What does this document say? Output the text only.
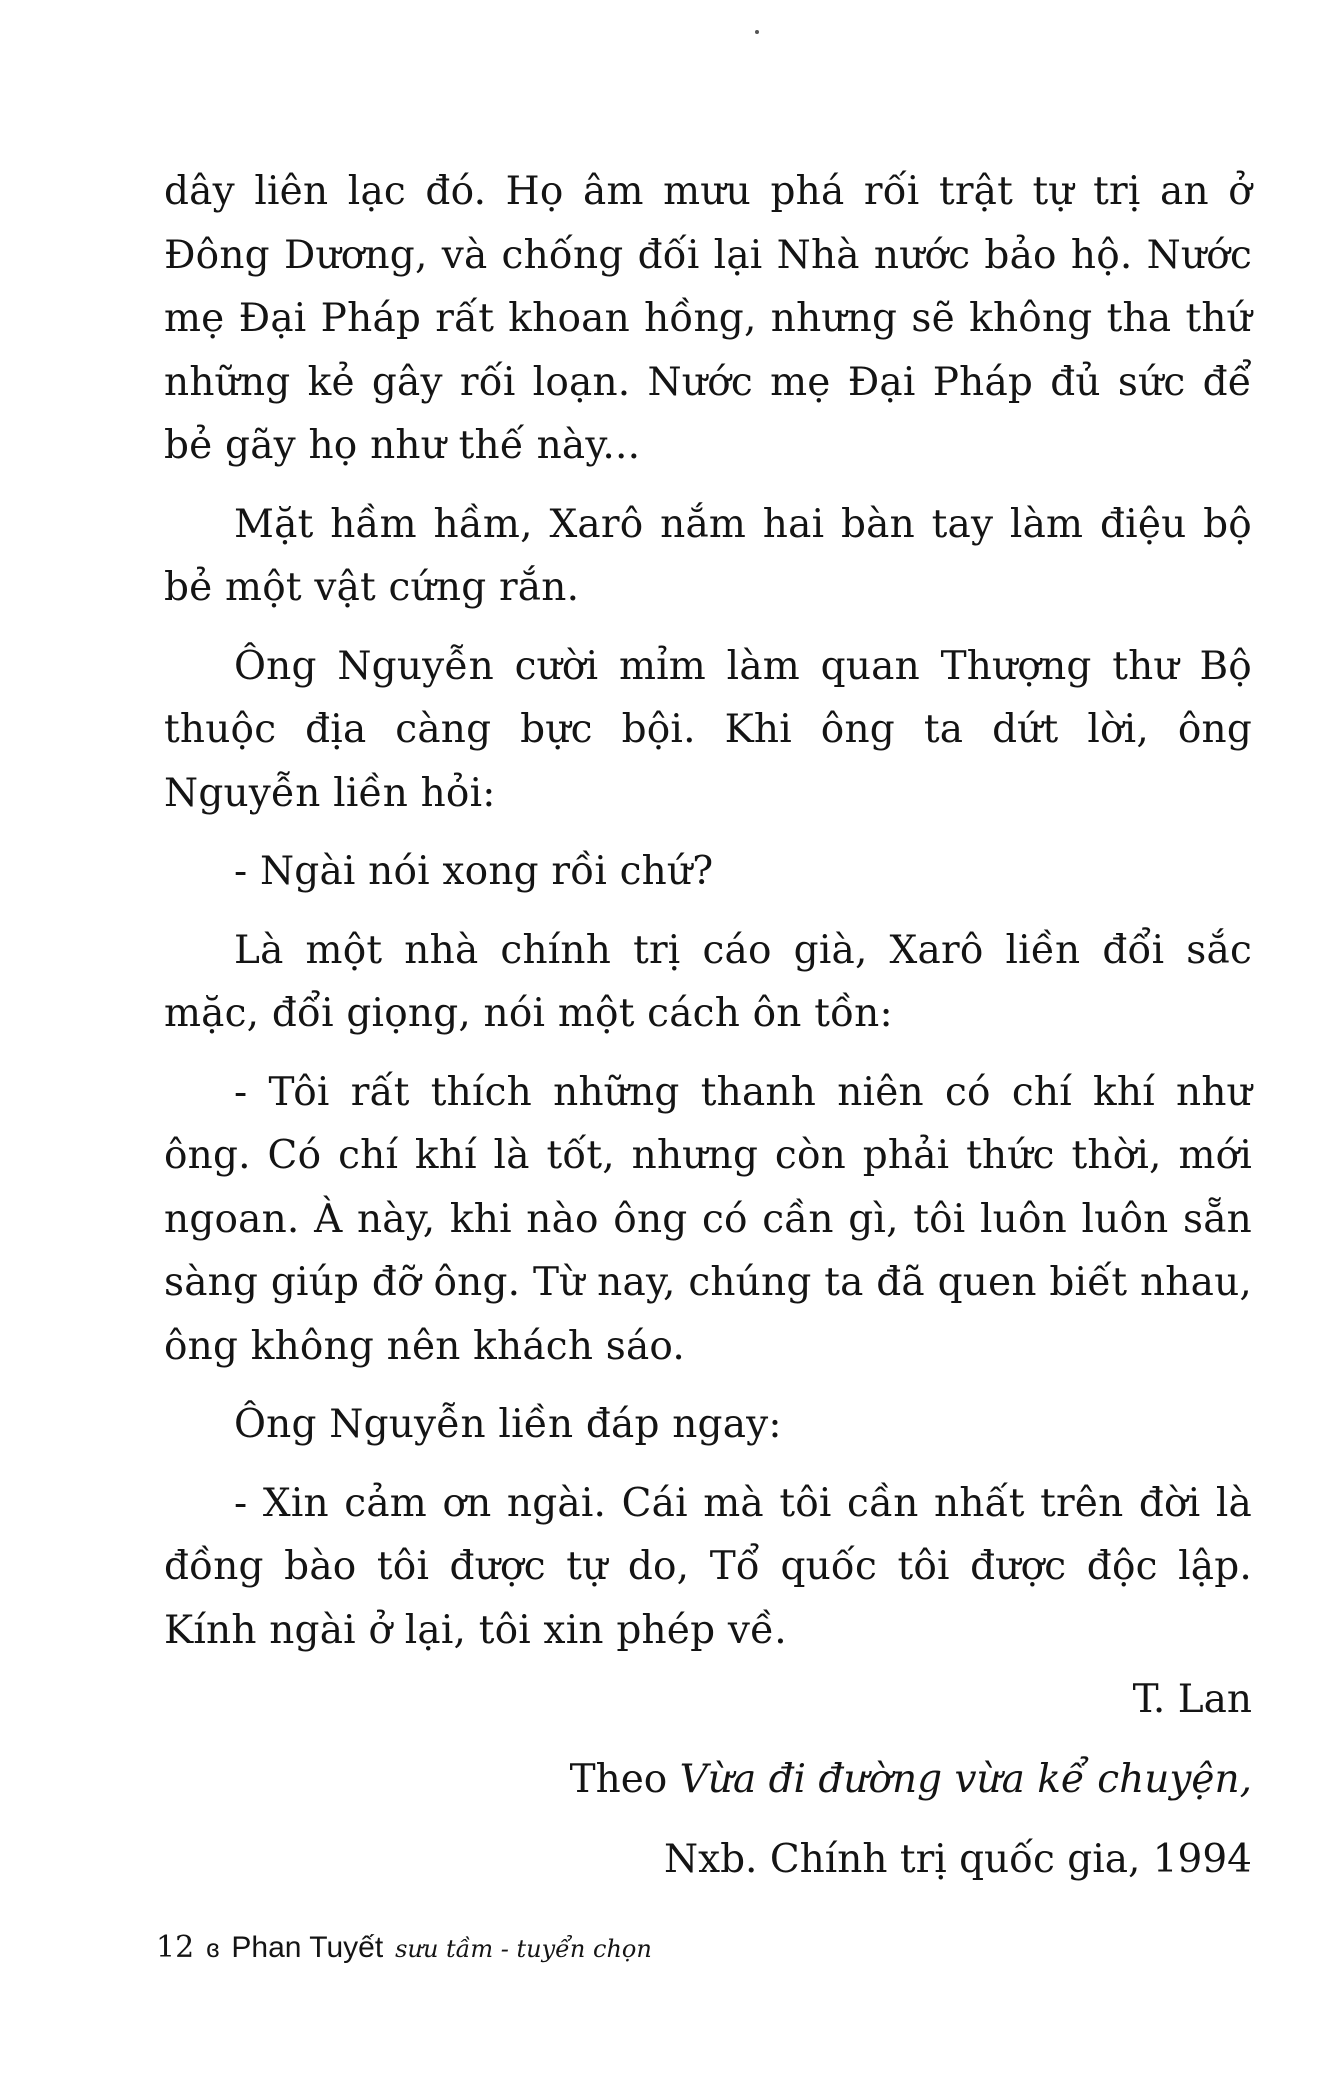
dây liên lạc đó. Họ âm mưu phá rối trật tự trị an ở Đông Dương, và chống đối lại Nhà nước bảo hộ. Nước mẹ Đại Pháp rất khoan hồng, nhưng sẽ không tha thứ những kẻ gây rối loạn. Nước mẹ Đại Pháp đủ sức để bẻ gãy họ như thế này...

Mặt hầm hầm, Xarô nắm hai bàn tay làm điệu bộ bẻ một vật cứng rắn.

Ông Nguyễn cười mỉm làm quan Thượng thư Bộ thuộc địa càng bực bội. Khi ông ta dứt lời, ông Nguyễn liền hỏi:

- Ngài nói xong rồi chứ?

Là một nhà chính trị cáo già, Xarô liền đổi sắc mặc, đổi giọng, nói một cách ôn tồn:

- Tôi rất thích những thanh niên có chí khí như ông. Có chí khí là tốt, nhưng còn phải thức thời, mới ngoan. À này, khi nào ông có cần gì, tôi luôn luôn sẵn sàng giúp đỡ ông. Từ nay, chúng ta đã quen biết nhau, ông không nên khách sáo.

Ông Nguyễn liền đáp ngay:

- Xin cảm ơn ngài. Cái mà tôi cần nhất trên đời là đồng bào tôi được tự do, Tổ quốc tôi được độc lập. Kính ngài ở lại, tôi xin phép về.

T. Lan
Theo Vừa đi đường vừa kể chuyện,
Nxb. Chính trị quốc gia, 1994
12 ɞ Phan Tuyết sưu tầm - tuyển chọn
